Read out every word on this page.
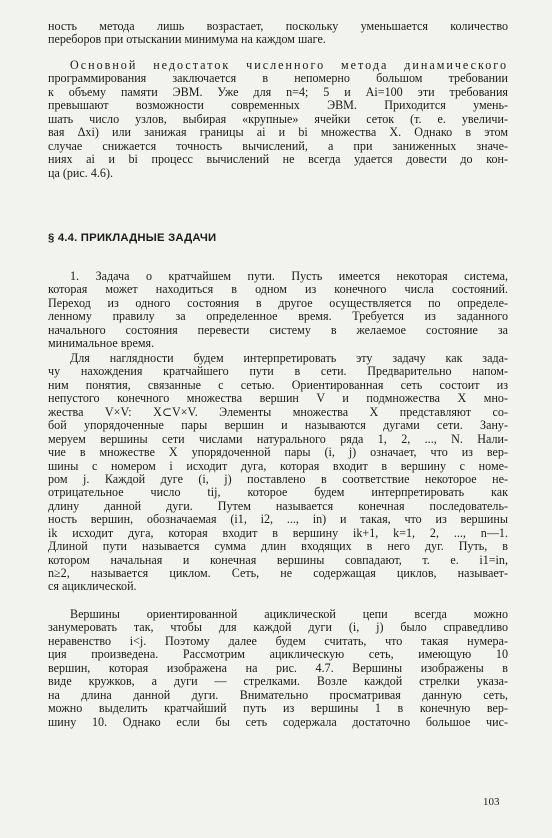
ность метода лишь возрастает, поскольку уменьшается количество
переборов при отыскании минимума на каждом шаге.
Основной недостаток численного метода динамического
программирования заключается в непомерно большом требовании
к объему памяти ЭВМ. Уже для n=4; 5 и Ai=100 эти требования
превышают возможности современных ЭВМ. Приходится умень-
шать число узлов, выбирая «крупные» ячейки сеток (т. е. увеличи-
вая Δxi) или занижая границы ai и bi множества X. Однако в этом
случае снижается точность вычислений, а при заниженных значе-
ниях ai и bi процесс вычислений не всегда удается довести до кон-
ца (рис. 4.6).
§ 4.4. ПРИКЛАДНЫЕ ЗАДАЧИ
1. Задача о кратчайшем пути. Пусть имеется некоторая система,
которая может находиться в одном из конечного числа состояний.
Переход из одного состояния в другое осуществляется по определе-
ленному правилу за определенное время. Требуется из заданного
начального состояния перевести систему в желаемое состояние за
минимальное время.
Для наглядности будем интерпретировать эту задачу как зада-
чу нахождения кратчайшего пути в сети. Предварительно напом-
ним понятия, связанные с сетью. Ориентированная сеть состоит из
непустого конечного множества вершин V и подмножества X мно-
жества V×V: X⊂V×V. Элементы множества X представляют со-
бой упорядоченные пары вершин и называются дугами сети. Зану-
меруем вершины сети числами натурального ряда 1, 2, ..., N. Нали-
чие в множестве X упорядоченной пары (i, j) означает, что из вер-
шины с номером i исходит дуга, которая входит в вершину с номе-
ром j. Каждой дуге (i, j) поставлено в соответствие некоторое не-
отрицательное число tij, которое будем интерпретировать как
длину данной дуги. Путем называется конечная последователь-
ность вершин, обозначаемая (i1, i2, ..., in) и такая, что из вершины
ik исходит дуга, которая входит в вершину ik+1, k=1, 2, ..., n—1.
Длиной пути называется сумма длин входящих в него дуг. Путь, в
котором начальная и конечная вершины совпадают, т. е. i1=in,
n≥2, называется циклом. Сеть, не содержащая циклов, называет-
ся ациклической.
Вершины ориентированной ациклической цепи всегда можно
занумеровать так, чтобы для каждой дуги (i, j) было справедливо
неравенство i<j. Поэтому далее будем считать, что такая нумера-
ция произведена. Рассмотрим ациклическую сеть, имеющую 10
вершин, которая изображена на рис. 4.7. Вершины изображены в
виде кружков, а дуги — стрелками. Возле каждой стрелки указа-
на длина данной дуги. Внимательно просматривая данную сеть,
можно выделить кратчайший путь из вершины 1 в конечную вер-
шину 10. Однако если бы сеть содержала достаточно большое чис-
103
